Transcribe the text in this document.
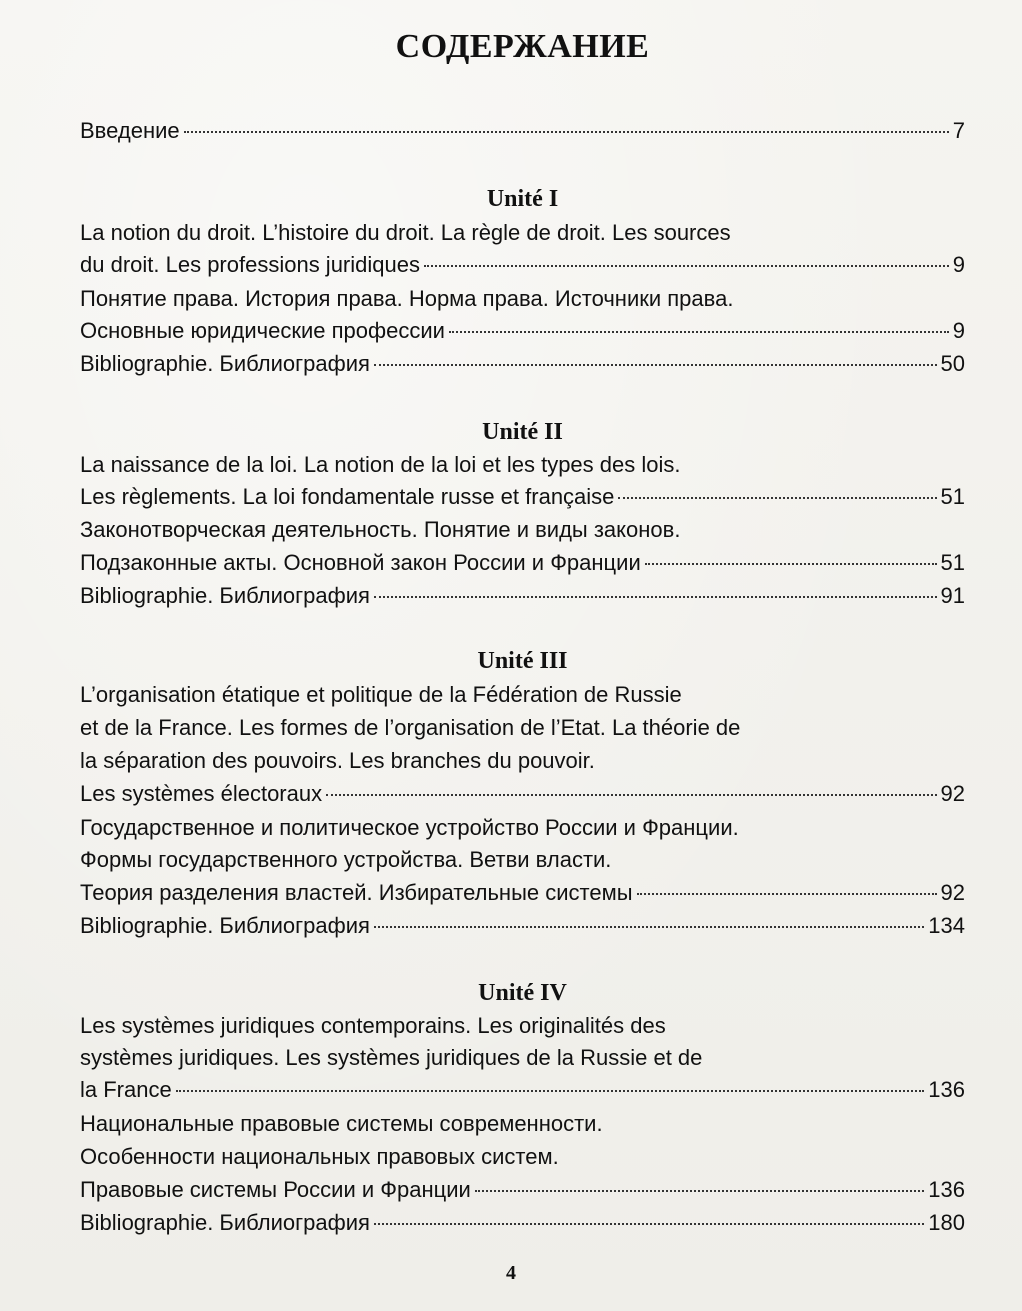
СОДЕРЖАНИЕ
Введение	7
Unité I
La notion du droit. L’histoire du droit. La règle de droit. Les sources
du droit. Les professions juridiques	9
Понятие права. История права. Норма права. Источники права.
Основные юридические профессии	9
Bibliographie. Библиография	50
Unité II
La naissance de la loi. La notion de la loi et les types des lois.
Les règlements. La loi fondamentale russe et française	51
Законотворческая деятельность. Понятие и виды законов.
Подзаконные акты. Основной закон России и Франции	51
Bibliographie. Библиография	91
Unité III
L’organisation étatique et politique de la Fédération de Russie
et de la France. Les formes de l’organisation de l’Etat. La théorie de
la séparation des pouvoirs. Les branches du pouvoir.
Les systèmes électoraux	92
Государственное и политическое устройство России и Франции.
Формы государственного устройства. Ветви власти.
Теория разделения властей. Избирательные системы	92
Bibliographie. Библиография	134
Unité IV
Les systèmes juridiques contemporains. Les originalités des
systèmes juridiques. Les systèmes juridiques de la Russie et de
la France	136
Национальные правовые системы современности.
Особенности национальных правовых систем.
Правовые системы России и Франции	136
Bibliographie. Библиография	180
4
